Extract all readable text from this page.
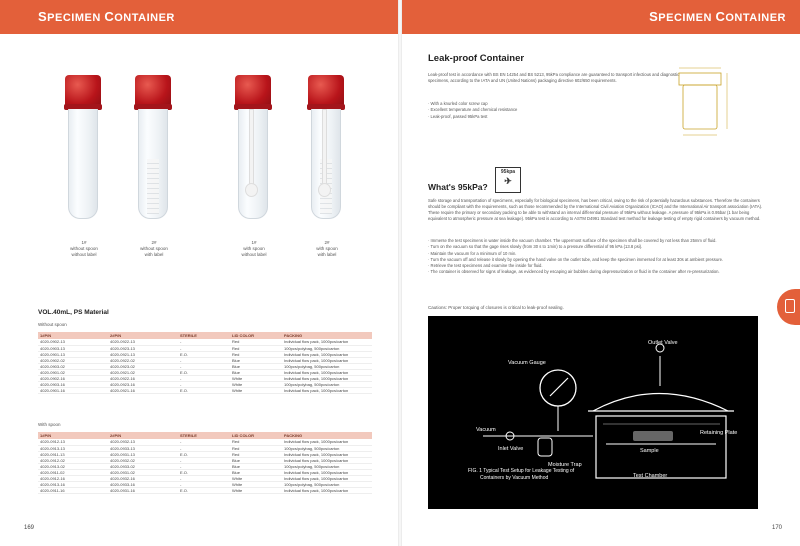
SPECIMEN CONTAINER
1#
without spoon
without label
2#
without spoon
with label
1#
with spoon
without label
2#
with spoon
with label
VOL.40mL, PS Material
Without spoon
1#P/N	2#P/N	STERILE	LID COLOR	PACKING
4020-0902-13	4020-0922-13	-	Red	Individual flow pack, 1000pcs/carton
4020-0903-13	4020-0923-13	-	Red	100pcs/polybag, 500pcs/carton
4020-0901-13	4020-0921-13	E.O.	Red	Individual flow pack, 1000pcs/carton
4020-0902-02	4020-0922-02	-	Blue	Individual flow pack, 1000pcs/carton
4020-0903-02	4020-0923-02	-	Blue	100pcs/polybag, 500pcs/carton
4020-0901-02	4020-0921-02	E.O.	Blue	Individual flow pack, 1000pcs/carton
4020-0902-16	4020-0922-16	-	White	Individual flow pack, 1000pcs/carton
4020-0903-16	4020-0923-16	-	White	100pcs/polybag, 500pcs/carton
4020-0901-16	4020-0921-16	E.O.	White	Individual flow pack, 1000pcs/carton
With spoon
1#P/N	2#P/N	STERILE	LID COLOR	PACKING
4020-0912-13	4020-0932-13	-	Red	Individual flow pack, 1000pcs/carton
4020-0913-13	4020-0933-13	-	Red	100pcs/polybag, 500pcs/carton
4020-0911-13	4020-0931-13	E.O.	Red	Individual flow pack, 1000pcs/carton
4020-0912-02	4020-0932-02	-	Blue	Individual flow pack, 1000pcs/carton
4020-0913-02	4020-0933-02	-	Blue	100pcs/polybag, 500pcs/carton
4020-0911-02	4020-0931-02	E.O.	Blue	Individual flow pack, 1000pcs/carton
4020-0912-16	4020-0932-16	-	White	Individual flow pack, 1000pcs/carton
4020-0913-16	4020-0933-16	-	White	100pcs/polybag, 500pcs/carton
4020-0911-16	4020-0931-16	E.O.	White	Individual flow pack, 1000pcs/carton
169
SPECIMEN CONTAINER
Leak-proof Container
Leak-proof test in accordance with BS EN 14254 and BS 5213, 95kPa compliance are guaranteed to transport infectious and diagnostic specimens, according to the IATA and UN (United Nations) packaging directive 602/650 requirements.
· With a knurled color screw cap
· Excellent temperature and chemical resistance
· Leak-proof, passed 95kPa test
95kpa
✈
What's 95kPa?
Safe storage and transportation of specimens, especially for biological specimens, has been critical, owing to the risk of potentially hazardous substances. Therefore the containers should be compliant with the requirements, such as those recommended by the International Civil Aviation Organization (ICAO) and the International Air transport association (IATA). These require the primary or secondary packing to be able to withstand an internal differential pressure of 95kPa without leakage. A pressure of 95kPa is 0.95bar (1 bar being equivalent to atmospheric pressure at sea leakage). 95kPa test is according to ASTM D4991 Standard test method for leakage testing of empty rigid containers by vacuum method.
· Immerse the test specimens in water inside the vacuum chamber. The uppermost surface of the specimen shall be covered by not less than 25mm of fluid.
· Turn on the vacuum so that the gage rises slowly (from 30 s to 1min) to a pressure differential of 95 kPa (13.8 psi).
· Maintain the vacuum for a minimum of 10 min.
· Turn the vacuum off and release it slowly by opening the hand valve on the outlet tube, and keep the specimen immersed for at least 30s at ambient pressure.
· Retrieve the test specimens and examine the inside for fluid.
· The container is observed for signs of leakage, as evidenced by escaping air bubbles during depressurization or fluid in the container after re-pressurization.
Cautions: Proper torquing of closures is critical to leak-proof sealing.
Outlet Valve
Vacuum Gauge
Vacuum
Inlet Valve
Moisture Trap
Sample
Retaining Plate
Test Chamber
FIG. 1 Typical Test Setup for Leakage Testing of
Containers by Vacuum Method
170
